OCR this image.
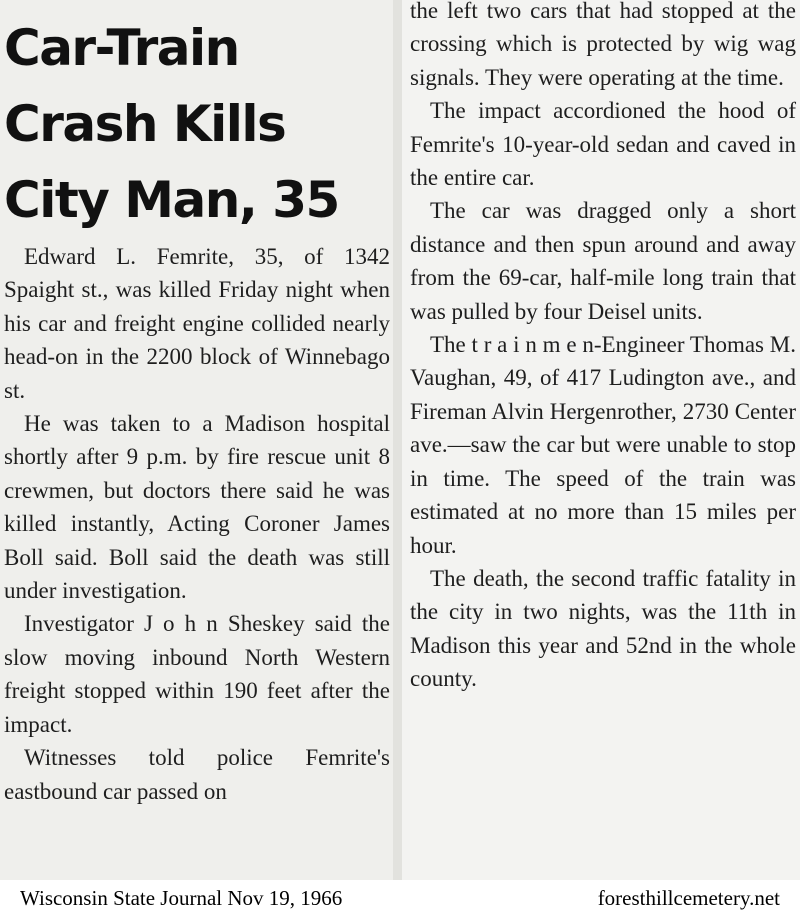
Car-Train
Crash Kills
City Man, 35

Edward L. Femrite, 35, of 1342 Spaight st., was killed Friday night when his car and freight engine collided nearly head-on in the 2200 block of Winnebago st.

He was taken to a Madison hospital shortly after 9 p.m. by fire rescue unit 8 crewmen, but doctors there said he was killed instantly, Acting Coroner James Boll said. Boll said the death was still under investigation.

Investigator J o h n Sheskey said the slow moving inbound North Western freight stopped within 190 feet after the impact.

Witnesses told police Femrite's eastbound car passed on

the left two cars that had stopped at the crossing which is protected by wig wag signals. They were operating at the time.

The impact accordioned the hood of Femrite's 10-year-old sedan and caved in the entire car.

The car was dragged only a short distance and then spun around and away from the 69-car, half-mile long train that was pulled by four Deisel units.

The t r a i n m e n-Engineer Thomas M. Vaughan, 49, of 417 Ludington ave., and Fireman Alvin Hergenrother, 2730 Center ave.—saw the car but were unable to stop in time. The speed of the train was estimated at no more than 15 miles per hour.

The death, the second traffic fatality in the city in two nights, was the 11th in Madison this year and 52nd in the whole county.

Wisconsin State Journal Nov 19, 1966	foresthillcemetery.net
